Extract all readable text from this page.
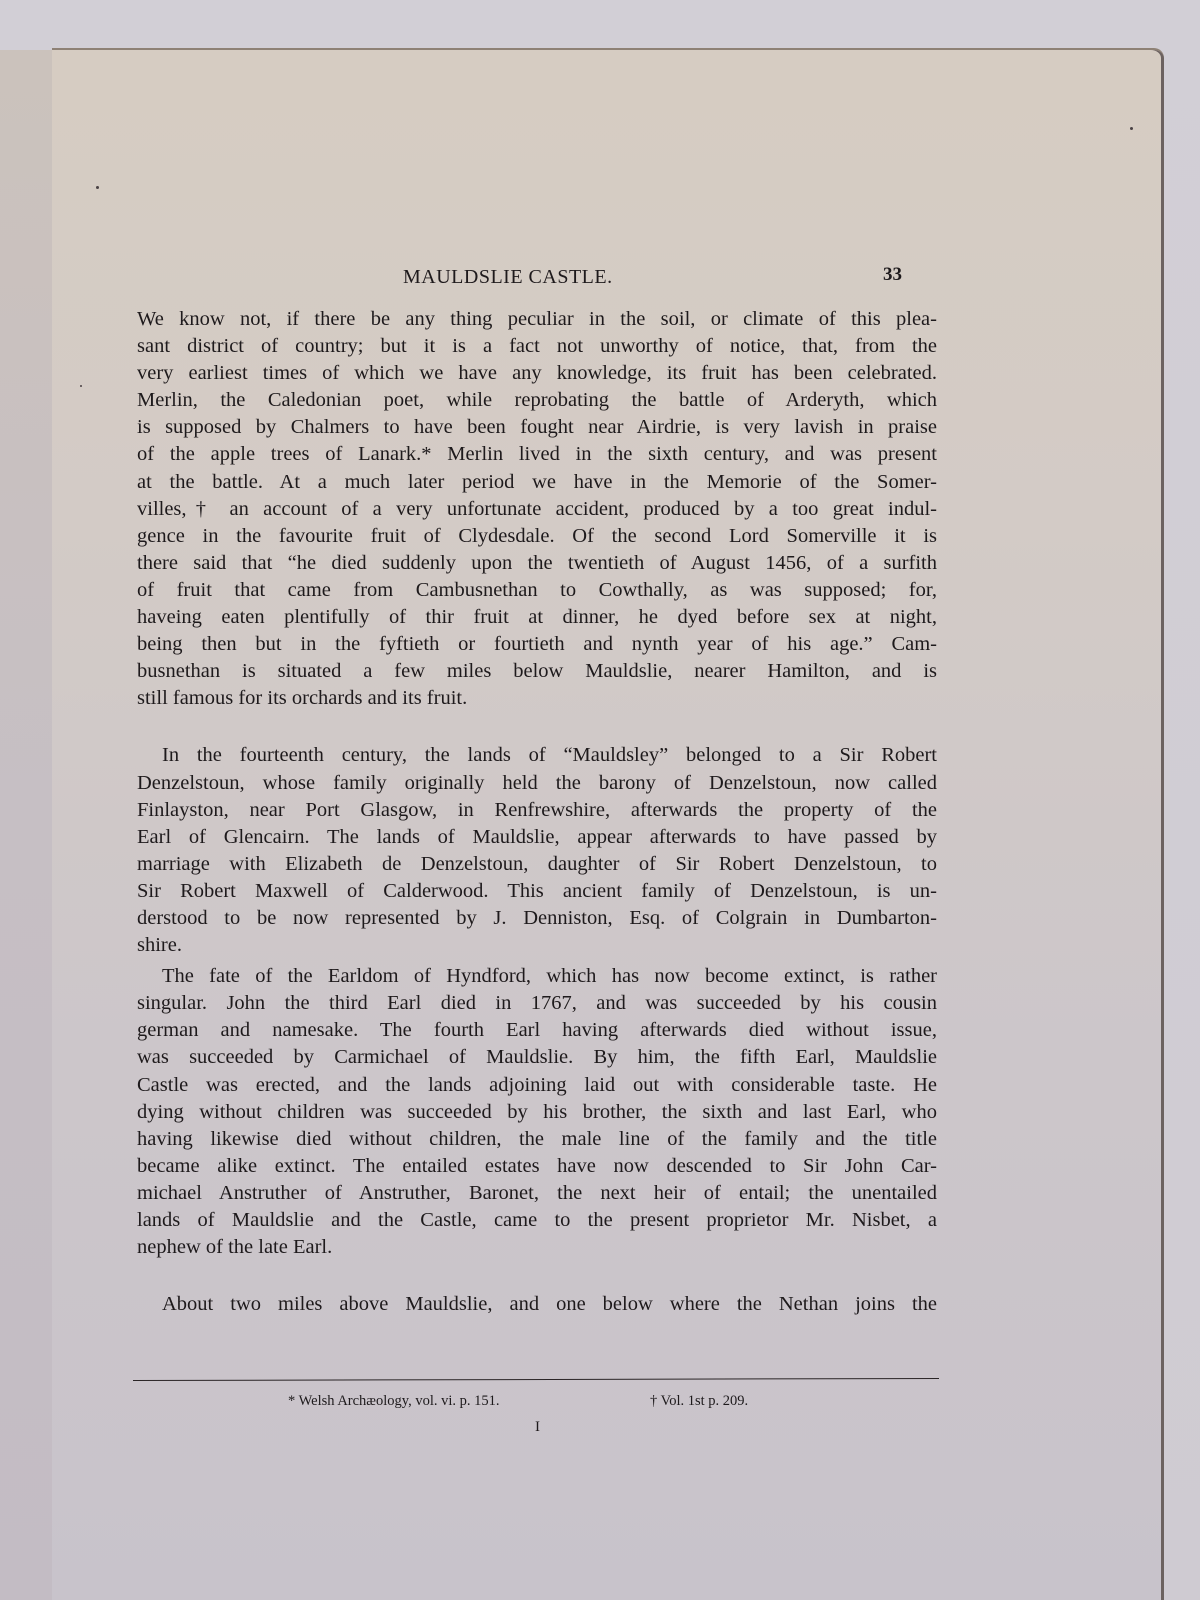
MAULDSLIE CASTLE.	33
We know not, if there be any thing peculiar in the soil, or climate of this plea-
sant district of country; but it is a fact not unworthy of notice, that, from the
very earliest times of which we have any knowledge, its fruit has been celebrated.
Merlin, the Caledonian poet, while reprobating the battle of Arderyth, which
is supposed by Chalmers to have been fought near Airdrie, is very lavish in praise
of the apple trees of Lanark.* Merlin lived in the sixth century, and was present
at the battle. At a much later period we have in the Memorie of the Somer-
villes,† an account of a very unfortunate accident, produced by a too great indul-
gence in the favourite fruit of Clydesdale. Of the second Lord Somerville it is
there said that “he died suddenly upon the twentieth of August 1456, of a surfith
of fruit that came from Cambusnethan to Cowthally, as was supposed; for,
haveing eaten plentifully of thir fruit at dinner, he dyed before sex at night,
being then but in the fyftieth or fourtieth and nynth year of his age.” Cam-
busnethan is situated a few miles below Mauldslie, nearer Hamilton, and is
still famous for its orchards and its fruit.
In the fourteenth century, the lands of “Mauldsley” belonged to a Sir Robert
Denzelstoun, whose family originally held the barony of Denzelstoun, now called
Finlayston, near Port Glasgow, in Renfrewshire, afterwards the property of the
Earl of Glencairn. The lands of Mauldslie, appear afterwards to have passed by
marriage with Elizabeth de Denzelstoun, daughter of Sir Robert Denzelstoun, to
Sir Robert Maxwell of Calderwood. This ancient family of Denzelstoun, is un-
derstood to be now represented by J. Denniston, Esq. of Colgrain in Dumbarton-
shire.
The fate of the Earldom of Hyndford, which has now become extinct, is rather
singular. John the third Earl died in 1767, and was succeeded by his cousin
german and namesake. The fourth Earl having afterwards died without issue,
was succeeded by Carmichael of Mauldslie. By him, the fifth Earl, Mauldslie
Castle was erected, and the lands adjoining laid out with considerable taste. He
dying without children was succeeded by his brother, the sixth and last Earl, who
having likewise died without children, the male line of the family and the title
became alike extinct. The entailed estates have now descended to Sir John Car-
michael Anstruther of Anstruther, Baronet, the next heir of entail; the unentailed
lands of Mauldslie and the Castle, came to the present proprietor Mr. Nisbet, a
nephew of the late Earl.
About two miles above Mauldslie, and one below where the Nethan joins the
* Welsh Archæology, vol. vi. p. 151.	† Vol. 1st p. 209.
I
